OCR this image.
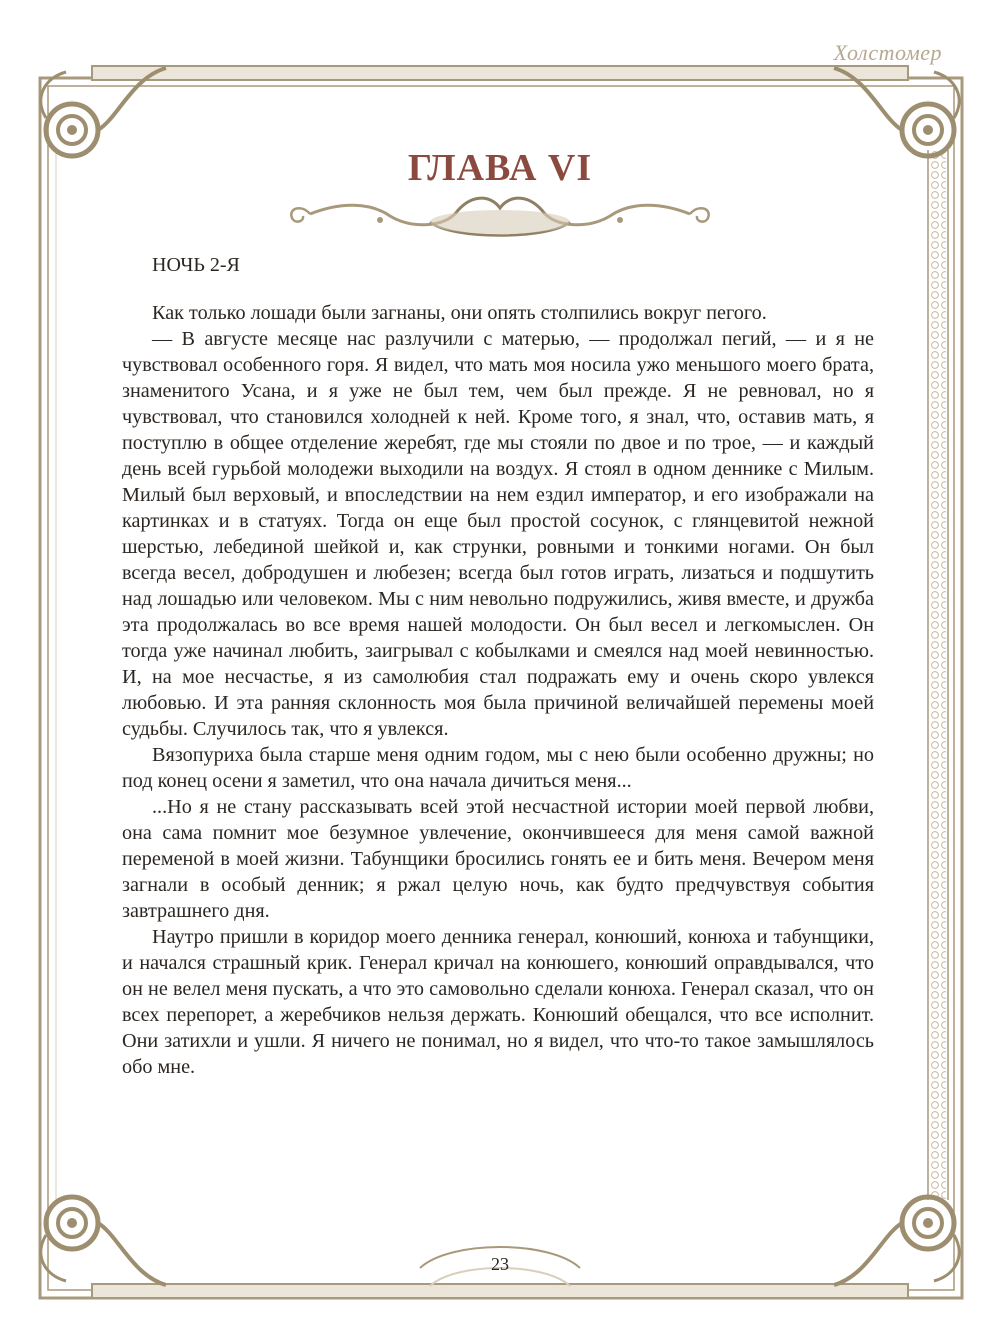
Холстомер
ГЛАВА VI

НОЧЬ 2-Я

Как только лошади были загнаны, они опять столпились вокруг пегого.

— В августе месяце нас разлучили с матерью, — продолжал пегий, — и я не чувствовал особенного горя. Я видел, что мать моя носила ужо меньшого моего брата, знаменитого Усана, и я уже не был тем, чем был прежде. Я не ревновал, но я чувствовал, что становился холодней к ней. Кроме того, я знал, что, оставив мать, я поступлю в общее отделение жеребят, где мы стояли по двое и по трое, — и каждый день всей гурьбой молодежи выходили на воздух. Я стоял в одном деннике с Милым. Милый был верховый, и впоследствии на нем ездил император, и его изображали на картинках и в статуях. Тогда он еще был простой сосунок, с глянцевитой нежной шерстью, лебединой шейкой и, как струнки, ровными и тонкими ногами. Он был всегда весел, добродушен и любезен; всегда был готов играть, лизаться и подшутить над лошадью или человеком. Мы с ним невольно подружились, живя вместе, и дружба эта продолжалась во все время нашей молодости. Он был весел и легкомыслен. Он тогда уже начинал любить, заигрывал с кобылками и смеялся над моей невинностью. И, на мое несчастье, я из самолюбия стал подражать ему и очень скоро увлекся любовью. И эта ранняя склонность моя была причиной величайшей перемены моей судьбы. Случилось так, что я увлекся.

Вязопуриха была старше меня одним годом, мы с нею были особенно дружны; но под конец осени я заметил, что она начала дичиться меня...

...Но я не стану рассказывать всей этой несчастной истории моей первой любви, она сама помнит мое безумное увлечение, окончившееся для меня самой важной переменой в моей жизни. Табунщики бросились гонять ее и бить меня. Вечером меня загнали в особый денник; я ржал целую ночь, как будто предчувствуя события завтрашнего дня.

Наутро пришли в коридор моего денника генерал, конюший, конюха и табунщики, и начался страшный крик. Генерал кричал на конюшего, конюший оправдывался, что он не велел меня пускать, а что это самовольно сделали конюха. Генерал сказал, что он всех перепорет, а жеребчиков нельзя держать. Конюший обещался, что все исполнит. Они затихли и ушли. Я ничего не понимал, но я видел, что что-то такое замышлялось обо мне.

23
